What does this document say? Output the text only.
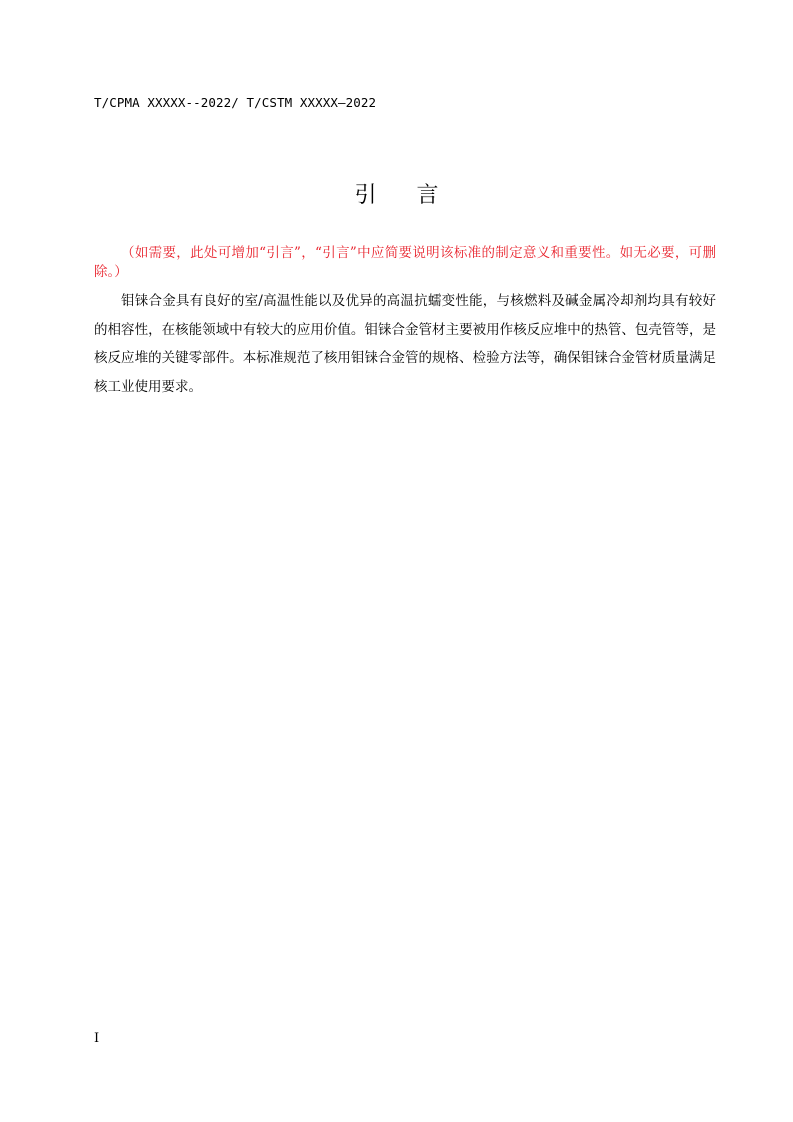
T/CPMA XXXXX--2022/ T/CSTM XXXXX—2022
引言

（如需要，此处可增加“引言”，“引言”中应简要说明该标准的制定意义和重要性。如无必要，可删除。）

钼铼合金具有良好的室/高温性能以及优异的高温抗蠕变性能，与核燃料及碱金属冷却剂均具有较好的相容性，在核能领域中有较大的应用价值。钼铼合金管材主要被用作核反应堆中的热管、包壳管等，是核反应堆的关键零部件。本标准规范了核用钼铼合金管的规格、检验方法等，确保钼铼合金管材质量满足核工业使用要求。

I
